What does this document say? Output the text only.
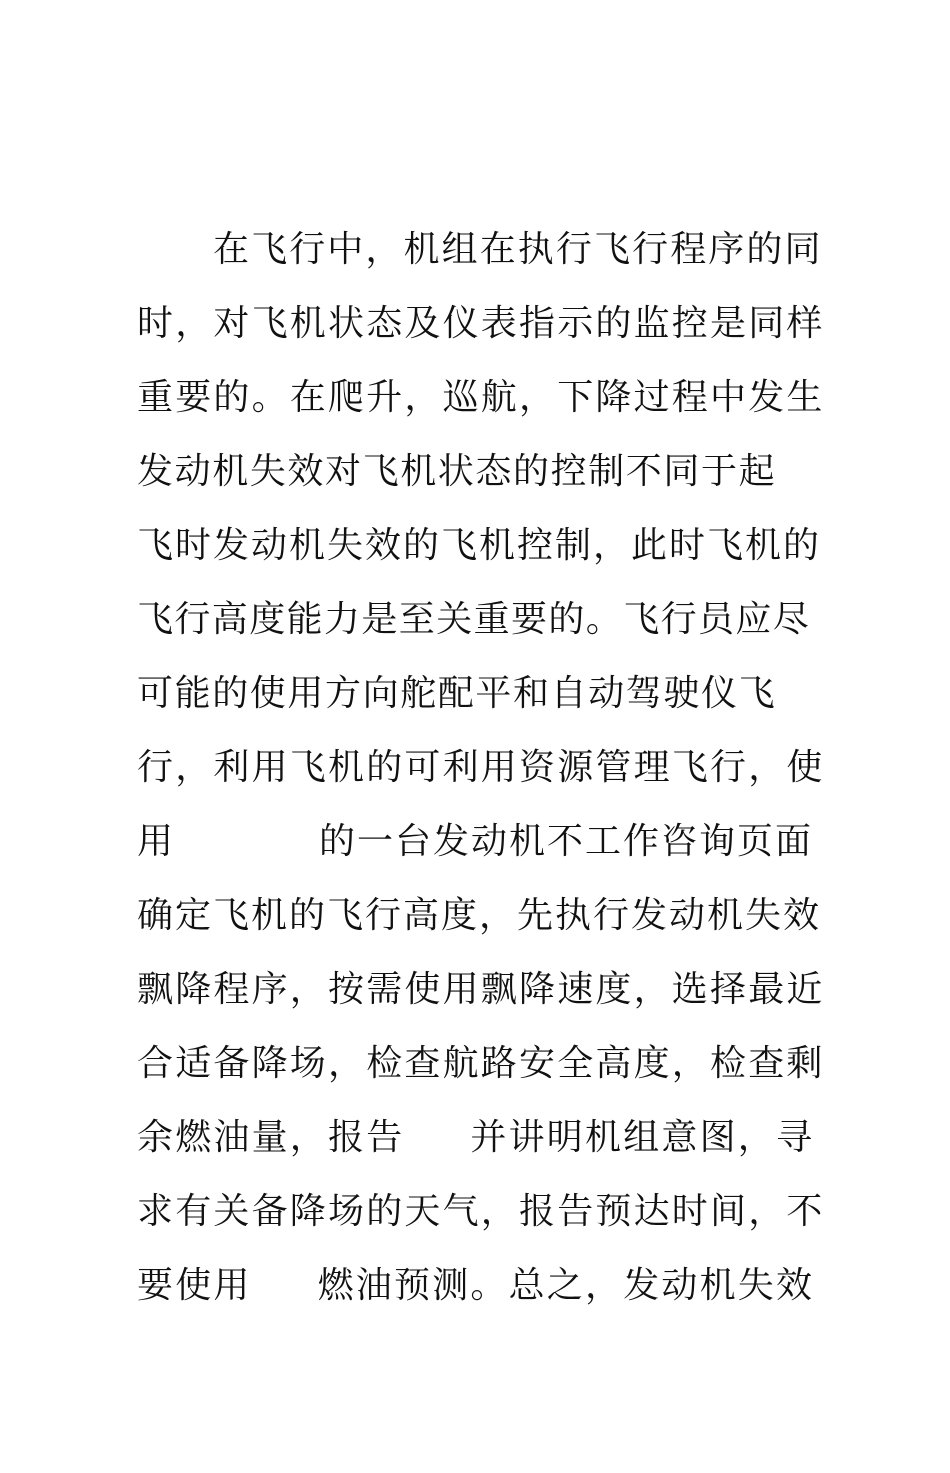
在飞行中，机组在执行飞行程序的同
时，对飞机状态及仪表指示的监控是同样
重要的。在爬升，巡航，下降过程中发生
发动机失效对飞机状态的控制不同于起
飞时发动机失效的飞机控制，此时飞机的
飞行高度能力是至关重要的。飞行员应尽
可能的使用方向舵配平和自动驾驶仪飞
行，利用飞机的可利用资源管理飞行，使
用	的一台发动机不工作咨询页面
确定飞机的飞行高度，先执行发动机失效
飘降程序，按需使用飘降速度，选择最近
合适备降场，检查航路安全高度，检查剩
余燃油量，报告 并讲明机组意图，寻
求有关备降场的天气，报告预达时间，不
要使用 燃油预测。总之，发动机失效
